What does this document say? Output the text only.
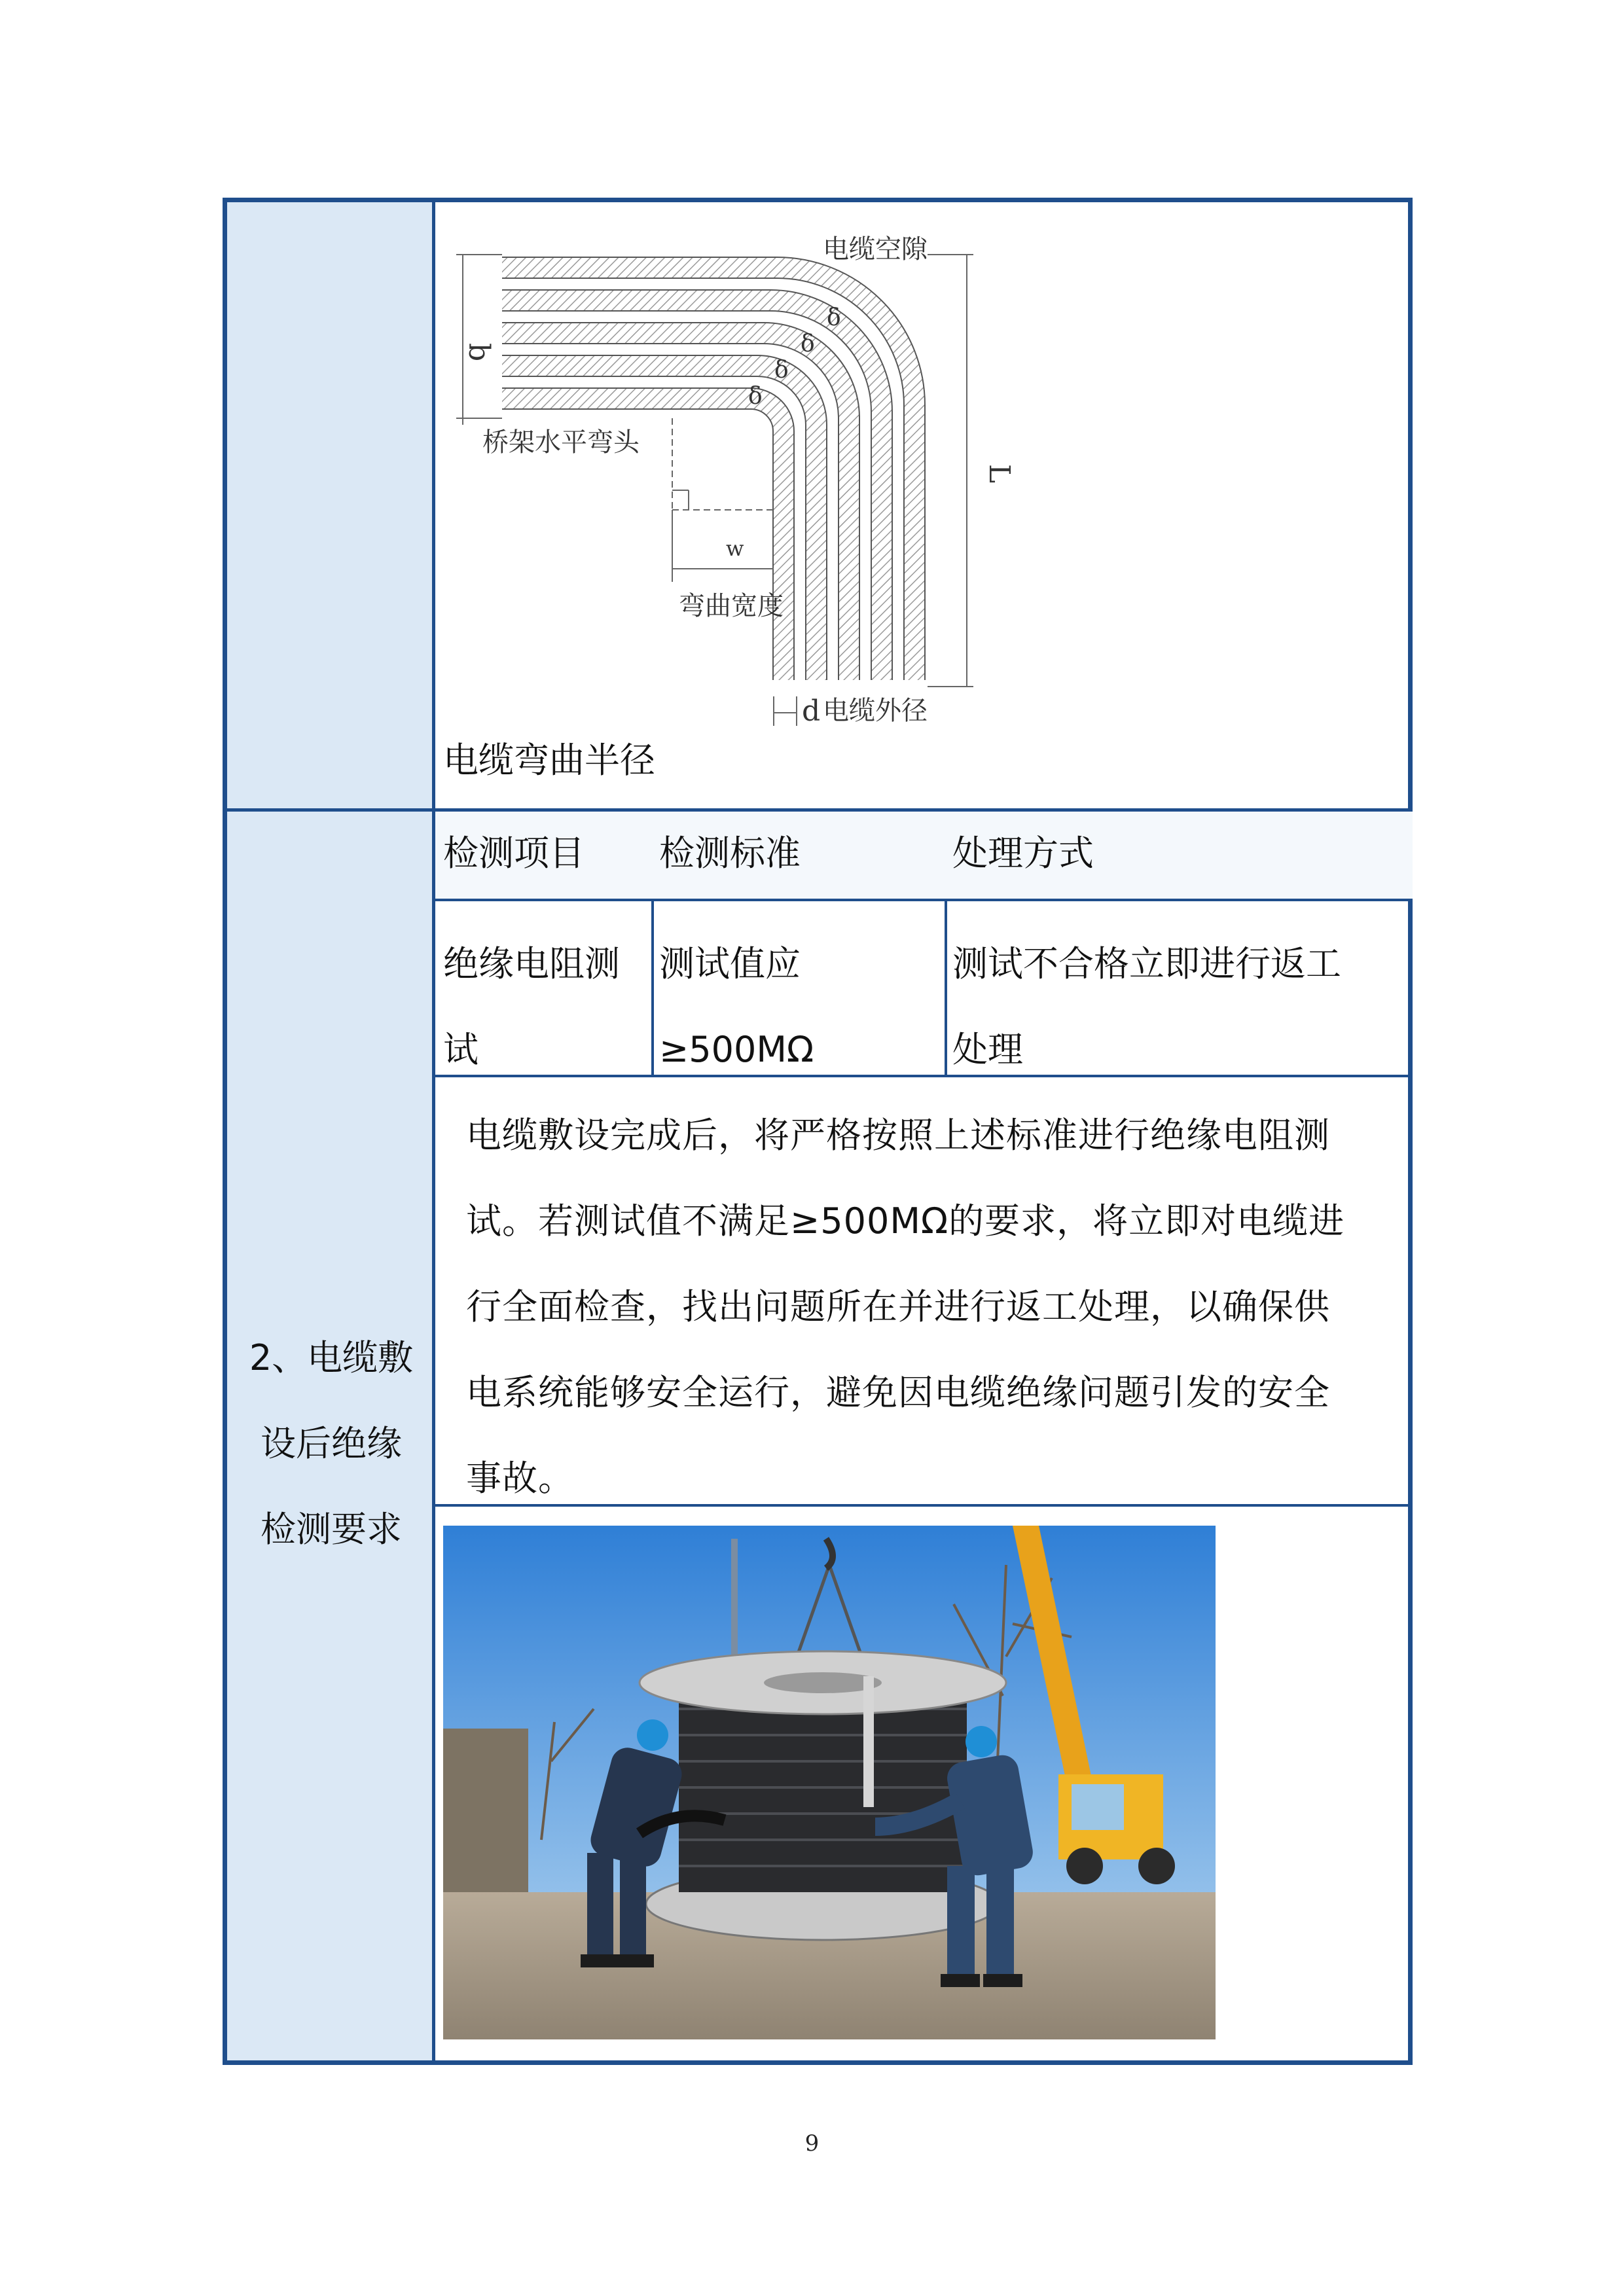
电缆空隙
b
δ
δ
δ
δ
桥架水平弯头
L
w
弯曲宽度
d 电缆外径
电缆弯曲半径
2、电缆敷
设后绝缘
检测要求
检测项目 检测标准	处理方式
绝缘电阻测
试
测试值应
≥500MΩ
测试不合格立即进行返工
处理
电缆敷设完成后，将严格按照上述标准进行绝缘电阻测
试。若测试值不满足≥500MΩ的要求，将立即对电缆进
行全面检查，找出问题所在并进行返工处理，以确保供
电系统能够安全运行，避免因电缆绝缘问题引发的安全
事故。
9
